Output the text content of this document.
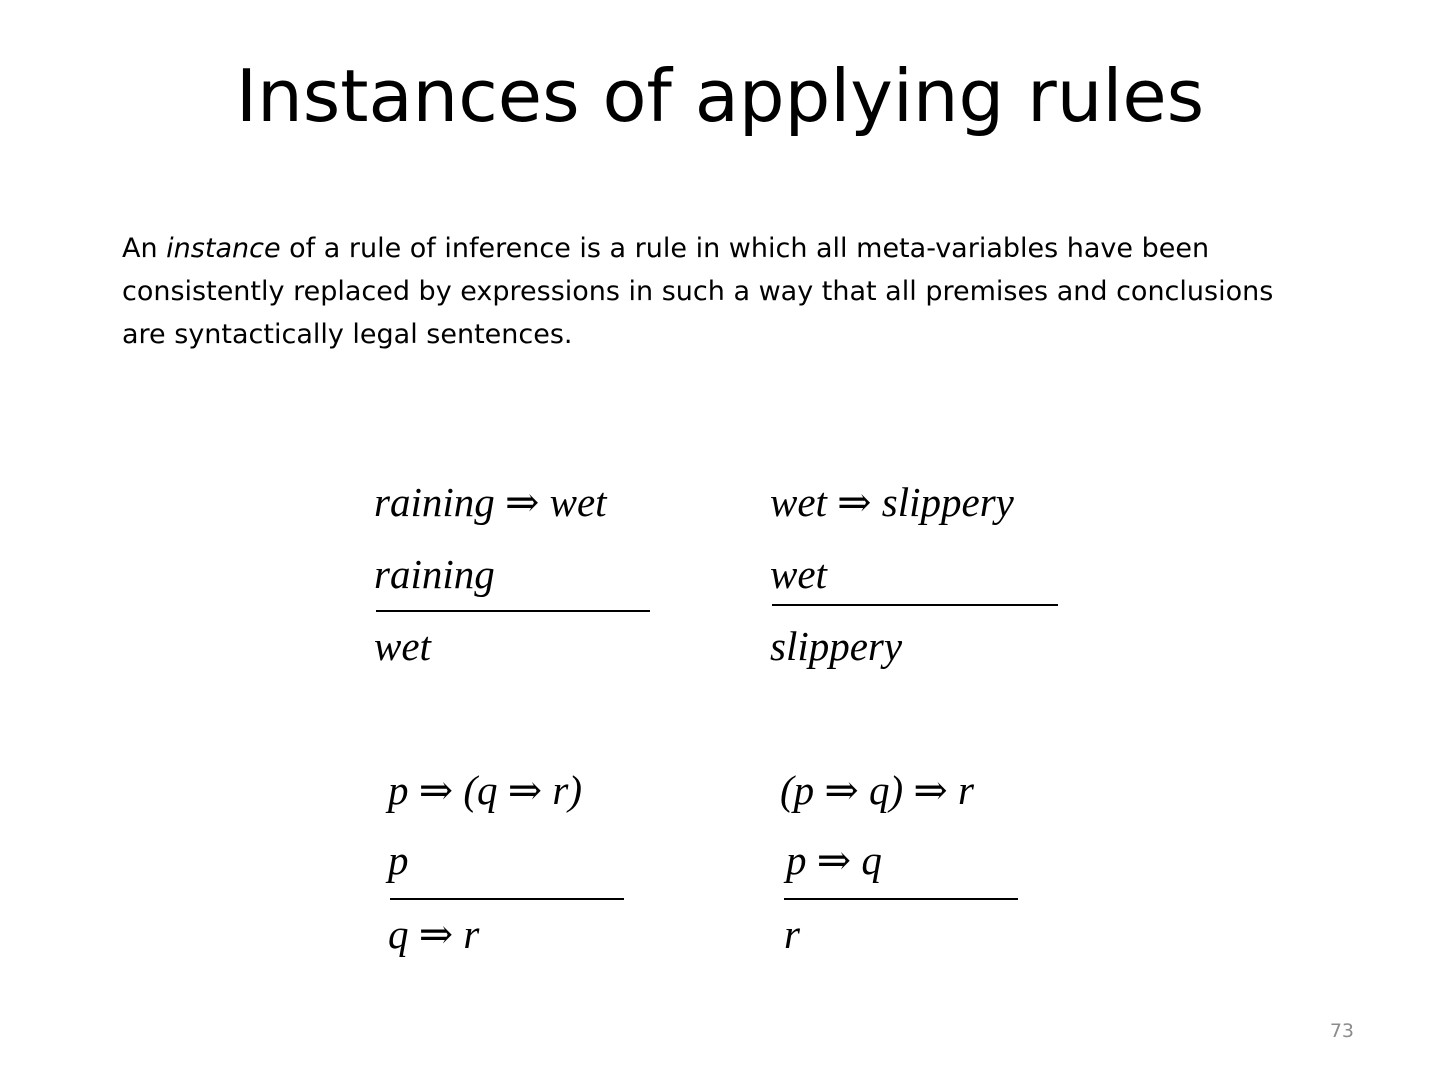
Instances of applying rules

An instance of a rule of inference is a rule in which all meta-variables have been consistently replaced by expressions in such a way that all premises and conclusions are syntactically legal sentences.

raining ⇒ wet
raining
wet
wet ⇒ slippery
wet
slippery
p ⇒ (q ⇒ r)
p
q ⇒ r
(p ⇒ q) ⇒ r
p ⇒ q
r
73
